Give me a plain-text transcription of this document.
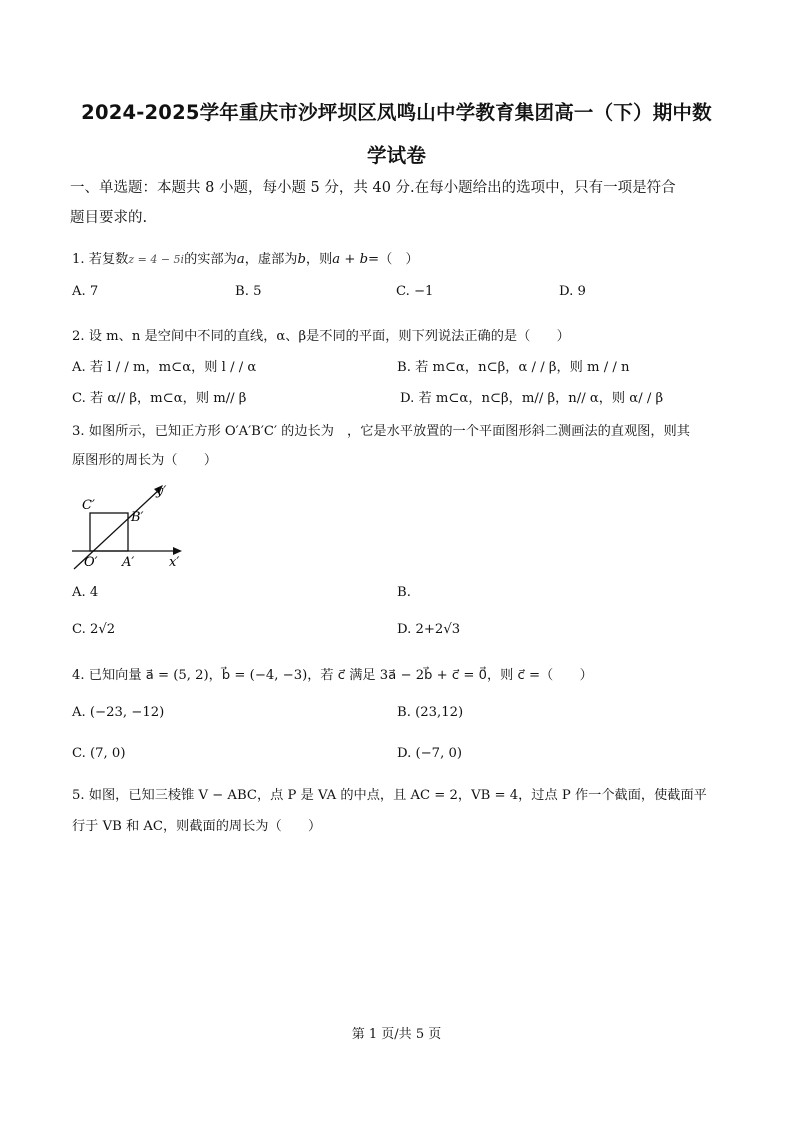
2024-2025学年重庆市沙坪坝区凤鸣山中学教育集团高一（下）期中数
学试卷
一、单选题：本题共 8 小题，每小题 5 分，共 40 分.在每小题给出的选项中，只有一项是符合
题目要求的.
1. 若复数z = 4 − 5i的实部为a，虚部为b，则a + b=（　）
A. 7	B. 5	C. −1	D. 9
2. 设 m、n 是空间中不同的直线，α、β是不同的平面，则下列说法正确的是（　　）
A. 若 l / / m，m⊂α，则 l / / α	B. 若 m⊂α，n⊂β，α / / β，则 m / / n
C. 若 α// β，m⊂α，则 m// β	D. 若 m⊂α，n⊂β，m// β，n// α，则 α/ / β
3. 如图所示，已知正方形 O′A′B′C′ 的边长为　，它是水平放置的一个平面图形斜二测画法的直观图，则其
原图形的周长为（　　）
C′
B′
O′ A′	x′
y′
A. 4	B.
C. 2√2	D. 2+2√3
4. 已知向量 a⃗ = (5, 2)，b⃗ = (−4, −3)，若 c⃗ 满足 3a⃗ − 2b⃗ + c⃗ = 0⃗，则 c⃗ =（　　）
A. (−23, −12)	B. (23,12)
C. (7, 0)	D. (−7, 0)
5. 如图，已知三棱锥 V − ABC，点 P 是 VA 的中点，且 AC = 2，VB = 4，过点 P 作一个截面，使截面平
行于 VB 和 AC，则截面的周长为（　　）
第 1 页/共 5 页
